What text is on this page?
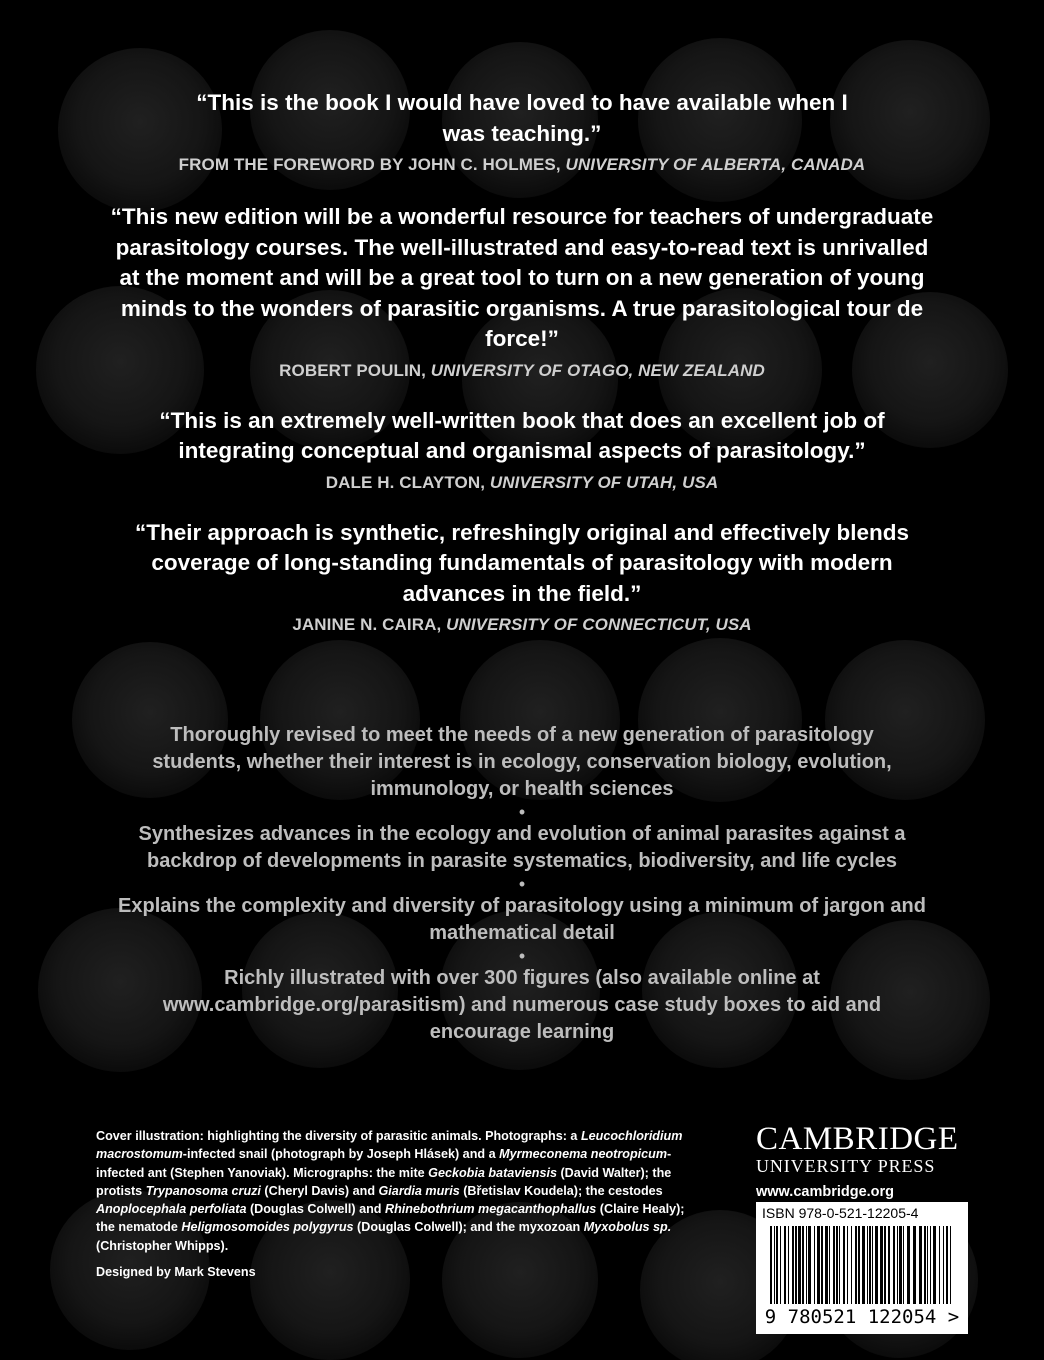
“This is the book I would have loved to have available when I was teaching.”
FROM THE FOREWORD BY JOHN C. HOLMES, UNIVERSITY OF ALBERTA, CANADA
“This new edition will be a wonderful resource for teachers of undergraduate parasitology courses. The well-illustrated and easy-to-read text is unrivalled at the moment and will be a great tool to turn on a new generation of young minds to the wonders of parasitic organisms. A true parasitological tour de force!”
ROBERT POULIN, UNIVERSITY OF OTAGO, NEW ZEALAND
“This is an extremely well-written book that does an excellent job of integrating conceptual and organismal aspects of parasitology.”
DALE H. CLAYTON, UNIVERSITY OF UTAH, USA
“Their approach is synthetic, refreshingly original and effectively blends coverage of long-standing fundamentals of parasitology with modern advances in the field.”
JANINE N. CAIRA, UNIVERSITY OF CONNECTICUT, USA
Thoroughly revised to meet the needs of a new generation of parasitology students, whether their interest is in ecology, conservation biology, evolution, immunology, or health sciences
•
Synthesizes advances in the ecology and evolution of animal parasites against a backdrop of developments in parasite systematics, biodiversity, and life cycles
•
Explains the complexity and diversity of parasitology using a minimum of jargon and mathematical detail
•
Richly illustrated with over 300 figures (also available online at www.cambridge.org/parasitism) and numerous case study boxes to aid and encourage learning
Cover illustration: highlighting the diversity of parasitic animals. Photographs: a Leucochloridium macrostomum-infected snail (photograph by Joseph Hlásek) and a Myrmeconema neotropicum-infected ant (Stephen Yanoviak). Micrographs: the mite Geckobia bataviensis (David Walter); the protists Trypanosoma cruzi (Cheryl Davis) and Giardia muris (Břetislav Koudela); the cestodes Anoplocephala perfoliata (Douglas Colwell) and Rhinebothrium megacanthophallus (Claire Healy); the nematode Heligmosomoides polygyrus (Douglas Colwell); and the myxozoan Myxobolus sp. (Christopher Whipps).
Designed by Mark Stevens
CAMBRIDGE
UNIVERSITY PRESS
www.cambridge.org
ISBN 978-0-521-12205-4
9 780521 122054 >
